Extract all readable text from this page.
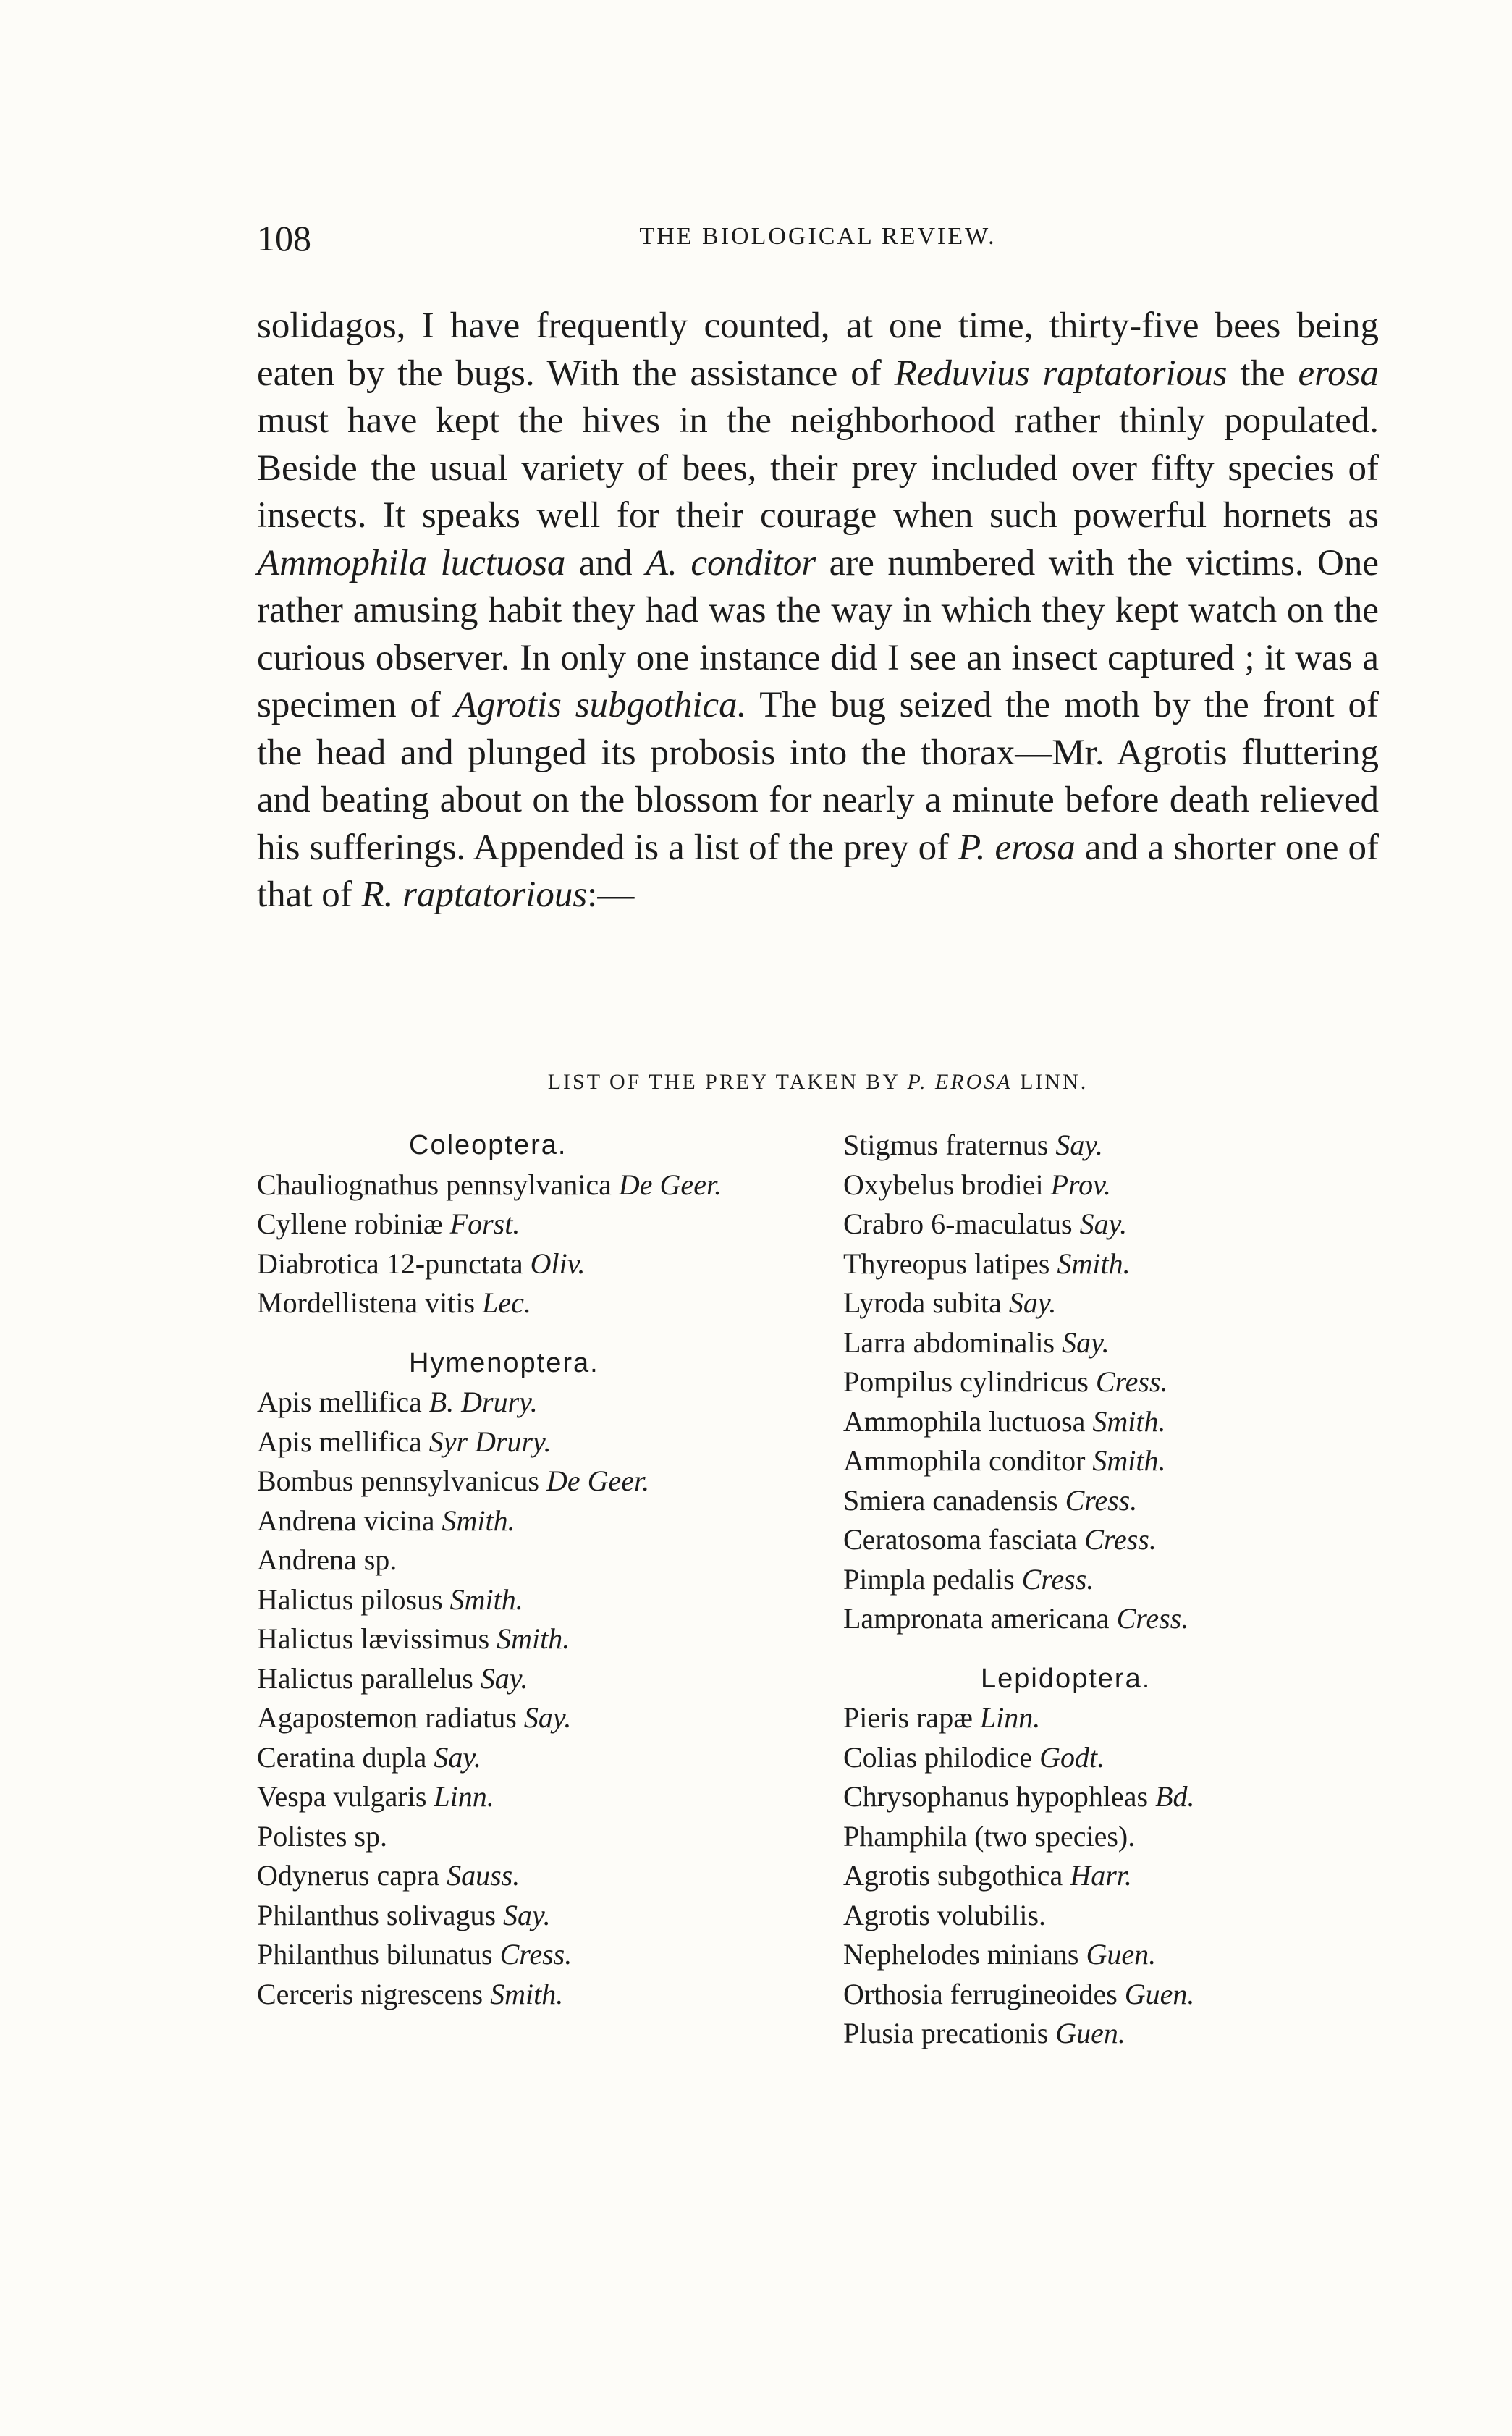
108	THE BIOLOGICAL REVIEW.

solidagos, I have frequently counted, at one time, thirty-five bees being eaten by the bugs. With the assistance of Reduvius raptatorious the erosa must have kept the hives in the neighborhood rather thinly populated. Beside the usual variety of bees, their prey included over fifty species of insects. It speaks well for their courage when such powerful hornets as Ammophila luctuosa and A. conditor are numbered with the victims. One rather amusing habit they had was the way in which they kept watch on the curious observer. In only one instance did I see an insect captured ; it was a specimen of Agrotis subgothica. The bug seized the moth by the front of the head and plunged its probosis into the thorax—Mr. Agrotis fluttering and beating about on the blossom for nearly a minute before death relieved his sufferings. Appended is a list of the prey of P. erosa and a shorter one of that of R. raptatorious:—

LIST OF THE PREY TAKEN BY P. EROSA LINN.
Coleoptera.
Chauliognathus pennsylvanica De Geer.
Cyllene robiniæ Forst.
Diabrotica 12-punctata Oliv.
Mordellistena vitis Lec.
Hymenoptera.
Apis mellifica B. Drury.
Apis mellifica Syr Drury.
Bombus pennsylvanicus De Geer.
Andrena vicina Smith.
Andrena sp.
Halictus pilosus Smith.
Halictus lævissimus Smith.
Halictus parallelus Say.
Agapostemon radiatus Say.
Ceratina dupla Say.
Vespa vulgaris Linn.
Polistes sp.
Odynerus capra Sauss.
Philanthus solivagus Say.
Philanthus bilunatus Cress.
Cerceris nigrescens Smith.
Stigmus fraternus Say.
Oxybelus brodiei Prov.
Crabro 6-maculatus Say.
Thyreopus latipes Smith.
Lyroda subita Say.
Larra abdominalis Say.
Pompilus cylindricus Cress.
Ammophila luctuosa Smith.
Ammophila conditor Smith.
Smiera canadensis Cress.
Ceratosoma fasciata Cress.
Pimpla pedalis Cress.
Lampronata americana Cress.
Lepidoptera.
Pieris rapæ Linn.
Colias philodice Godt.
Chrysophanus hypophleas Bd.
Phamphila (two species).
Agrotis subgothica Harr.
Agrotis volubilis.
Nephelodes minians Guen.
Orthosia ferrugineoides Guen.
Plusia precationis Guen.
